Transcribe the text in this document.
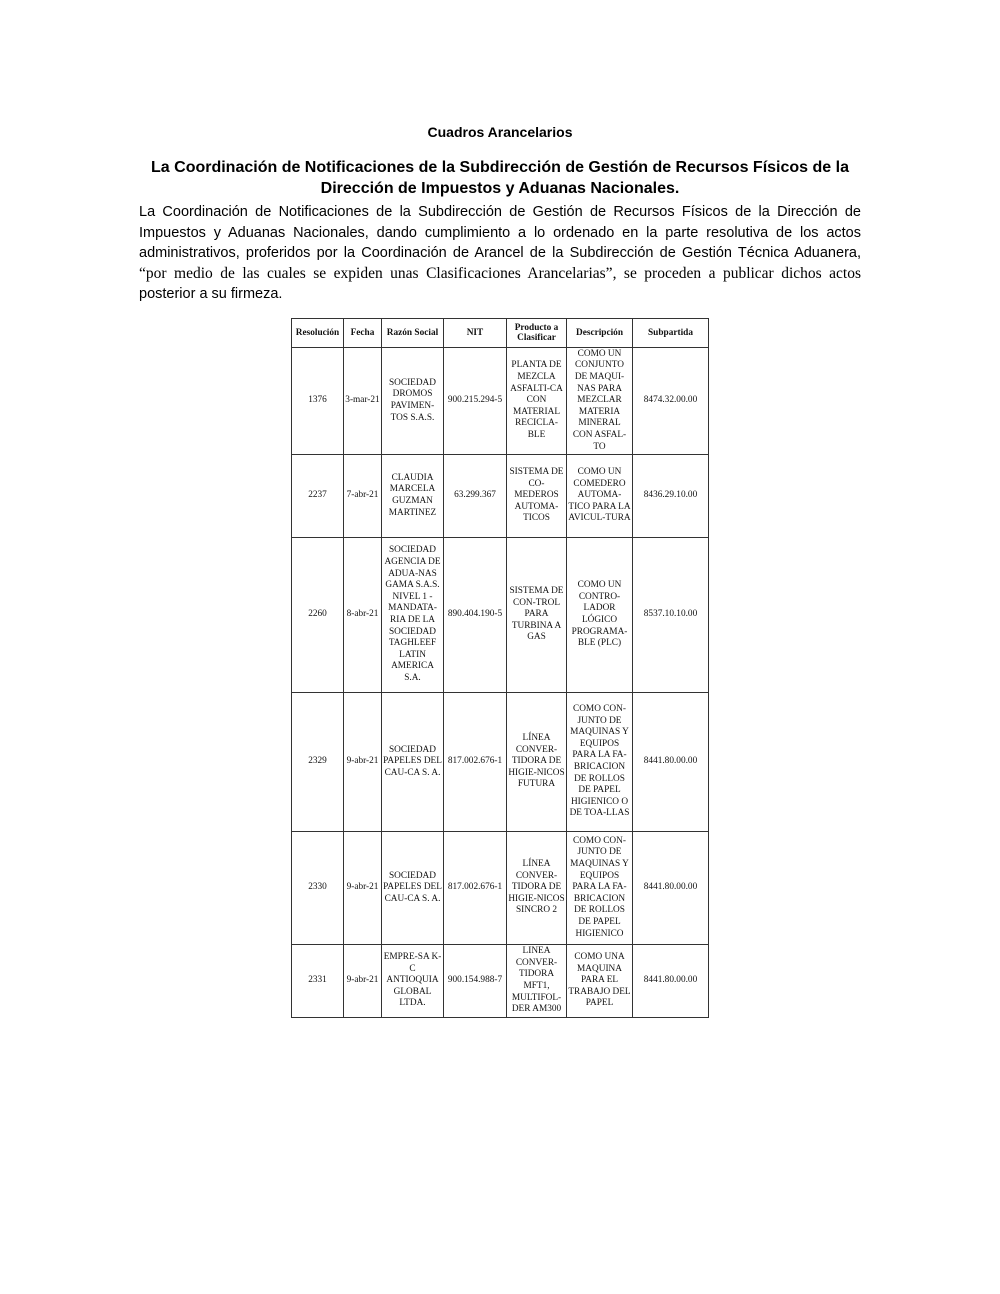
Cuadros Arancelarios
La Coordinación de Notificaciones de la Subdirección de Gestión de Recursos Físicos de la Dirección de Impuestos y Aduanas Nacionales.
La Coordinación de Notificaciones de la Subdirección de Gestión de Recursos Físicos de la Dirección de Impuestos y Aduanas Nacionales, dando cumplimiento a lo ordenado en la parte resolutiva de los actos administrativos, proferidos por la Coordinación de Arancel de la Subdirección de Gestión Técnica Aduanera, “por medio de las cuales se expiden unas Clasificaciones Arancelarias”, se proceden a publicar dichos actos posterior a su firmeza.
Resolución	Fecha	Razón Social	NIT	Producto a Clasificar	Descripción	Subpartida
1376	3-mar-21	SOCIEDAD DROMOS PAVIMEN-TOS S.A.S.	900.215.294-5	PLANTA DE MEZCLA ASFALTI-CA CON MATERIAL RECICLA-BLE	COMO UN CONJUNTO DE MAQUI-NAS PARA MEZCLAR MATERIA MINERAL CON ASFAL-TO	8474.32.00.00
2237	7-abr-21	CLAUDIA MARCELA GUZMAN MARTINEZ	63.299.367	SISTEMA DE CO-MEDEROS AUTOMA-TICOS	COMO UN COMEDERO AUTOMA-TICO PARA LA AVICUL-TURA	8436.29.10.00
2260	8-abr-21	SOCIEDAD AGENCIA DE ADUA-NAS GAMA S.A.S. NIVEL 1 - MANDATA-RIA DE LA SOCIEDAD TAGHLEEF LATIN AMERICA S.A.	890.404.190-5	SISTEMA DE CON-TROL PARA TURBINA A GAS	COMO UN CONTRO-LADOR LÓGICO PROGRAMA-BLE (PLC)	8537.10.10.00
2329	9-abr-21	SOCIEDAD PAPELES DEL CAU-CA S. A.	817.002.676-1	LÍNEA CONVER-TIDORA DE HIGIE-NICOS FUTURA	COMO CON-JUNTO DE MAQUINAS Y EQUIPOS PARA LA FA-BRICACION DE ROLLOS DE PAPEL HIGIENICO O DE TOA-LLAS	8441.80.00.00
2330	9-abr-21	SOCIEDAD PAPELES DEL CAU-CA S. A.	817.002.676-1	LÍNEA CONVER-TIDORA DE HIGIE-NICOS SINCRO 2	COMO CON-JUNTO DE MAQUINAS Y EQUIPOS PARA LA FA-BRICACION DE ROLLOS DE PAPEL HIGIENICO	8441.80.00.00
2331	9-abr-21	EMPRE-SA K-C ANTIOQUIA GLOBAL LTDA.	900.154.988-7	LINEA CONVER-TIDORA MFT1, MULTIFOL-DER AM300	COMO UNA MAQUINA PARA EL TRABAJO DEL PAPEL	8441.80.00.00
